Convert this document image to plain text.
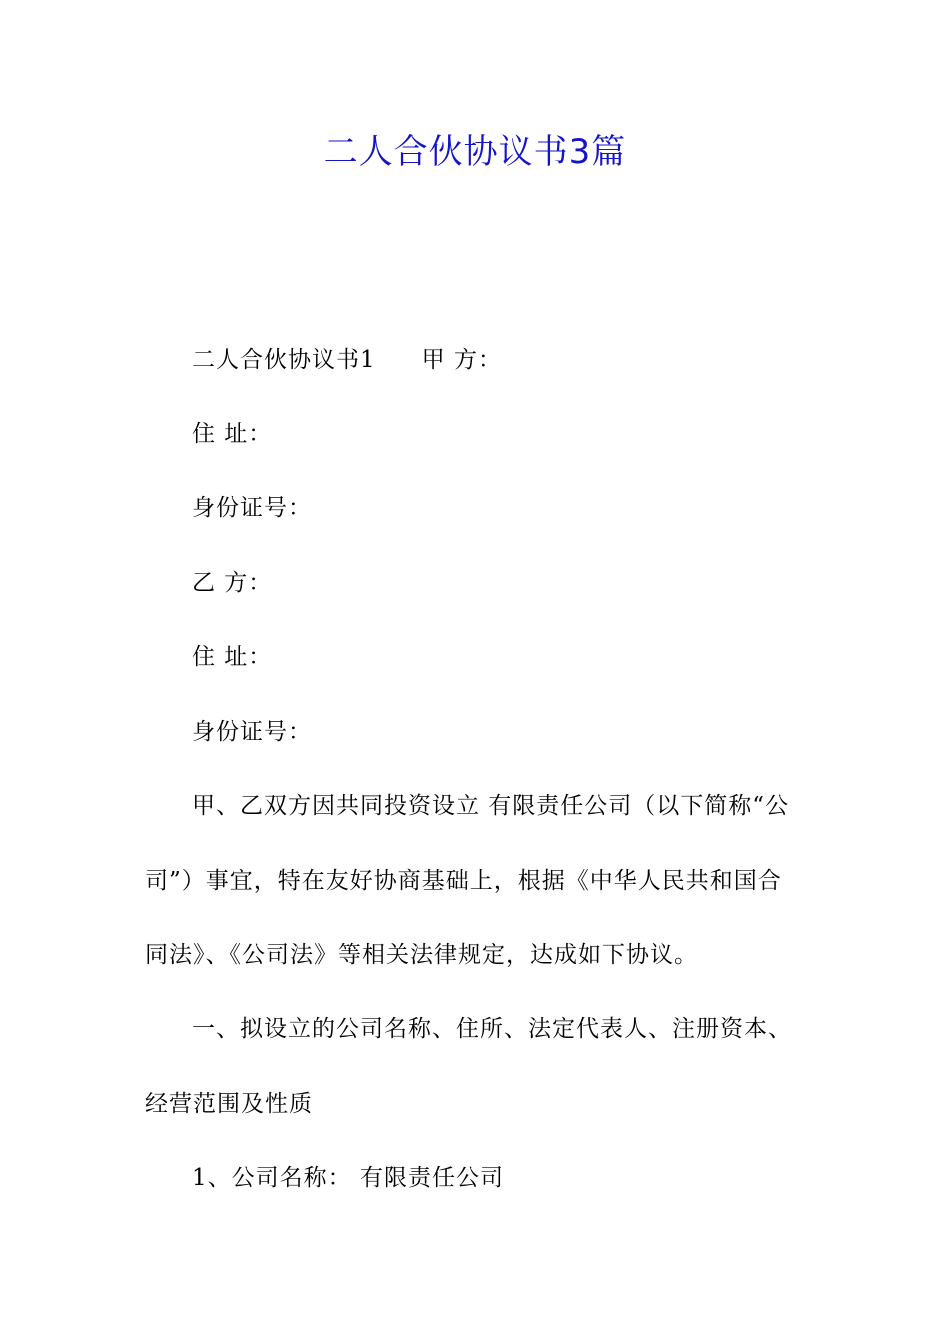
二人合伙协议书3篇
二人合伙协议书1 甲 方：
住 址：
身份证号：
乙 方：
住 址：
身份证号：
甲、乙双方因共同投资设立 有限责任公司（以下简称“公
司”）事宜，特在友好协商基础上，根据《中华人民共和国合
同法》、《公司法》等相关法律规定，达成如下协议。
一、拟设立的公司名称、住所、法定代表人、注册资本、
经营范围及性质
1、公司名称： 有限责任公司
